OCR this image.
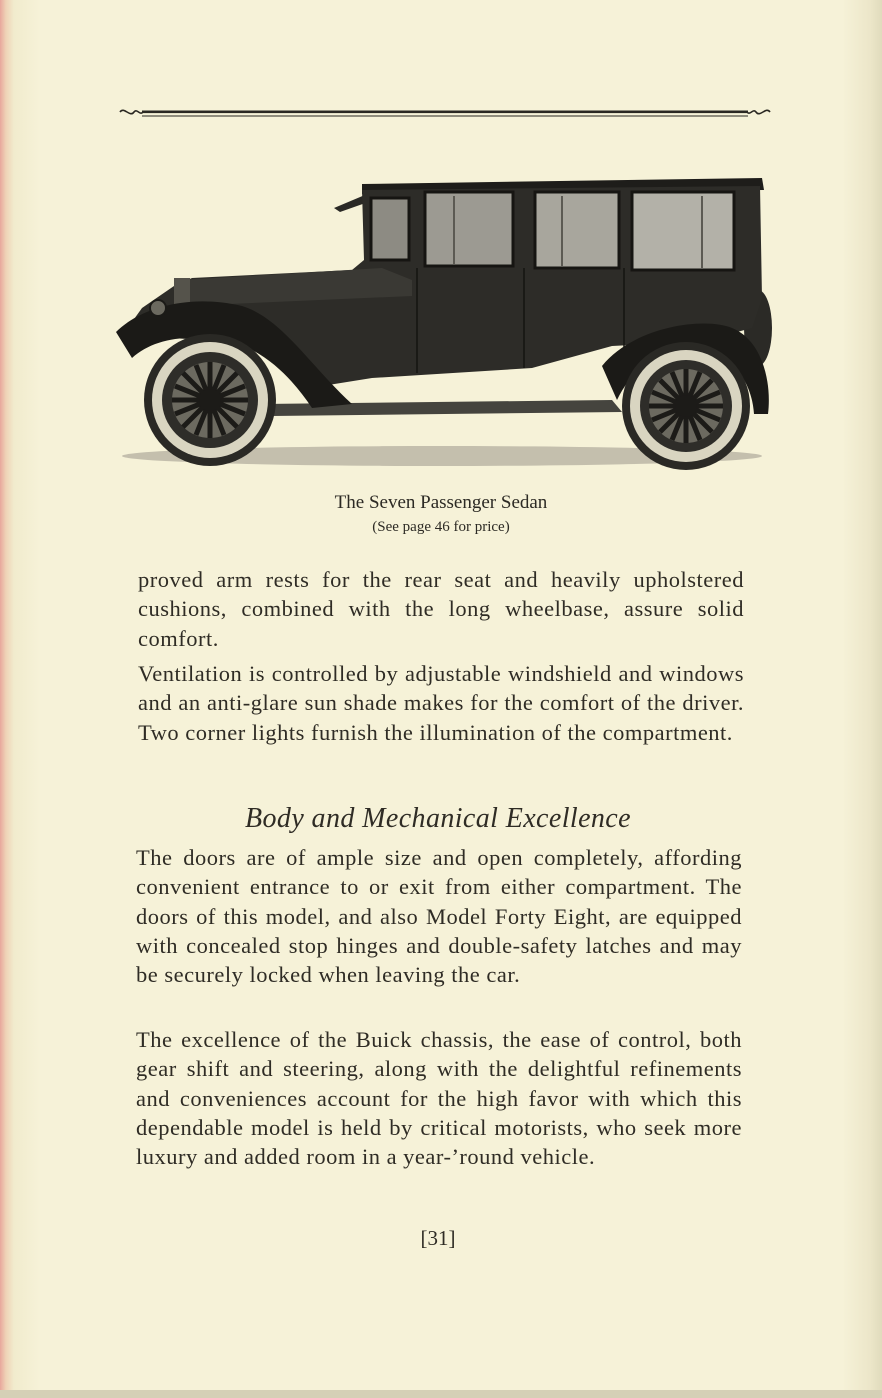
The Seven Passenger Sedan
(See page 46 for price)

proved arm rests for the rear seat and heavily upholstered cushions, combined with the long wheelbase, assure solid comfort.

Ventilation is controlled by adjustable windshield and windows and an anti-glare sun shade makes for the comfort of the driver. Two corner lights furnish the illumination of the compartment.

Body and Mechanical Excellence

The doors are of ample size and open completely, affording convenient entrance to or exit from either compartment. The doors of this model, and also Model Forty Eight, are equipped with concealed stop hinges and double-safety latches and may be securely locked when leaving the car.

The excellence of the Buick chassis, the ease of control, both gear shift and steering, along with the delightful refinements and conveniences account for the high favor with which this dependable model is held by critical motorists, who seek more luxury and added room in a year-’round vehicle.

[31]
